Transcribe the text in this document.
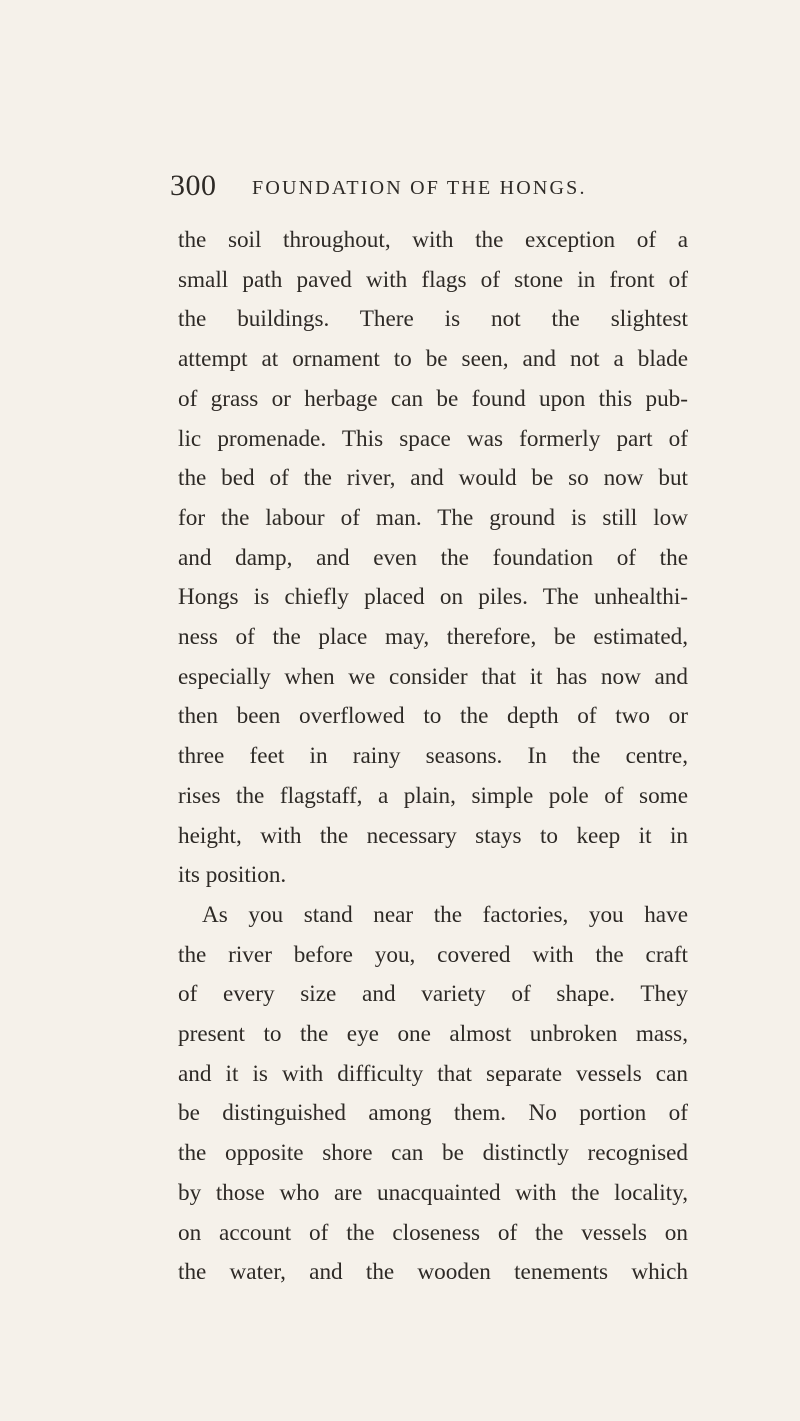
300 FOUNDATION OF THE HONGS.
the soil throughout, with the exception of a
small path paved with flags of stone in front of
the buildings. There is not the slightest
attempt at ornament to be seen, and not a blade
of grass or herbage can be found upon this pub-
lic promenade. This space was formerly part of
the bed of the river, and would be so now but
for the labour of man. The ground is still low
and damp, and even the foundation of the
Hongs is chiefly placed on piles. The unhealthi-
ness of the place may, therefore, be estimated,
especially when we consider that it has now and
then been overflowed to the depth of two or
three feet in rainy seasons. In the centre,
rises the flagstaff, a plain, simple pole of some
height, with the necessary stays to keep it in
its position.
As you stand near the factories, you have
the river before you, covered with the craft
of every size and variety of shape. They
present to the eye one almost unbroken mass,
and it is with difficulty that separate vessels can
be distinguished among them. No portion of
the opposite shore can be distinctly recognised
by those who are unacquainted with the locality,
on account of the closeness of the vessels on
the water, and the wooden tenements which
